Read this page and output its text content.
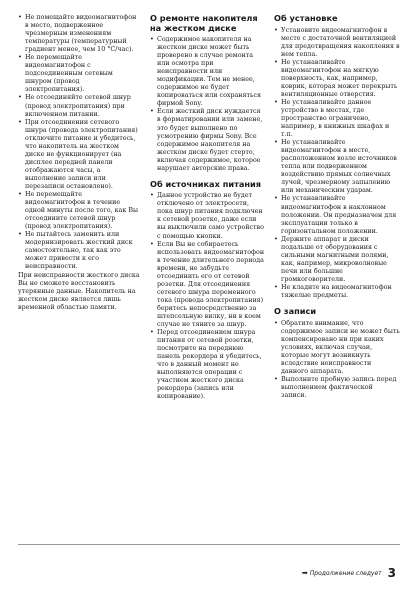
• Не помещайте видеомагнитофон в место, подверженное чрезмерным изменениям температуры (температурный градиент менее, чем 10 °C/час).
• Не перемещайте видеомагнитофон с подсоединенным сетевым шнуром (провод электропитания).
• Не отсоединяйте сетевой шнур (провод электропитания) при включенном питании.
• При отсоединении сетевого шнура (провода электропитания) отключите питание и убедитесь, что накопитель на жестком диске не функционирует (на дисплее передней панели отображаются часы, а выполнение записи или перезаписи остановлено).
• Не перемещайте видеомагнитофон в течение одной минуты после того, как Вы отсоедините сетевой шнур (провод электропитания).
• Не пытайтесь заменить или модернизировать жесткий диск самостоятельно, так как это может привести к его неисправности.

При неисправности жесткого диска Вы не сможете восстановить утерянные данные. Накопитель на жестком диске является лишь временной областью памяти.

О ремонте накопителя на жестком диске
• Содержимое накопителя на жестком диске может быть проверено в случае ремонта или осмотра при неисправности или модификации. Тем не менее, содержимое не будет копироваться или сохраняться фирмой Sony.
• Если жесткий диск нуждается в форматировании или замене, это будет выполнено по усмотрению фирмы Sony. Все содержимое накопителя на жестком диске будет стерто, включая содержимое, которое нарушает авторские права.
Об источниках питания
• Данное устройство не будет отключено от электросети, пока шнур питания подключен к сетевой розетке, даже если вы выключили само устройство с помощью кнопки.
• Если Вы не собираетесь использовать видеомагнитофон в течение длительного периода времени, не забудьте отсоединить его от сетевой розетки. Для отсоединения сетевого шнура переменного тока (провода электропитания) беритесь непосредственно за штепсельную вилку, ни в коем случае не тяните за шнур.
• Перед отсоединением шнура питания от сетевой розетки, посмотрите на переднюю панель рекордера и убедитесь, что в данный момент не выполняются операции с участием жесткого диска рекордера (запись или копирование).
Об установке
• Установите видеомагнитофон в месте с достаточной вентиляцией для предотвращения накопления в нем тепла.
• Не устанавливайте видеомагнитофон на мягкую поверхность, как, например, коврик, которая может перекрыть вентиляционные отверстия.
• Не устанавливайте данное устройство в местах, где пространство ограничено, например, в книжных шкафах и т.п.
• Не устанавливайте видеомагнитофон в месте, расположенном возле источников тепла или подверженном воздействию прямых солнечных лучей, чрезмерному запылению или механическим ударам.
• Не устанавливайте видеомагнитофон в наклонном положении. Он предназначен для эксплуатации только в горизонтальном положении.
• Держите аппарат и диски подальше от оборудования с сильными магнитными полями, как, например, микроволновые печи или большие громкоговорители.
• Не кладите на видеомагнитофон тяжелые предметы.
О записи
• Обратите внимание, что содержимое записи не может быть компенсировано ни при каких условиях, включая случаи, которые могут возникнуть вследствие неисправности данного аппарата.
• Выполните пробную запись перед выполнением фактической записи.
➡ Продолжение следует 3
